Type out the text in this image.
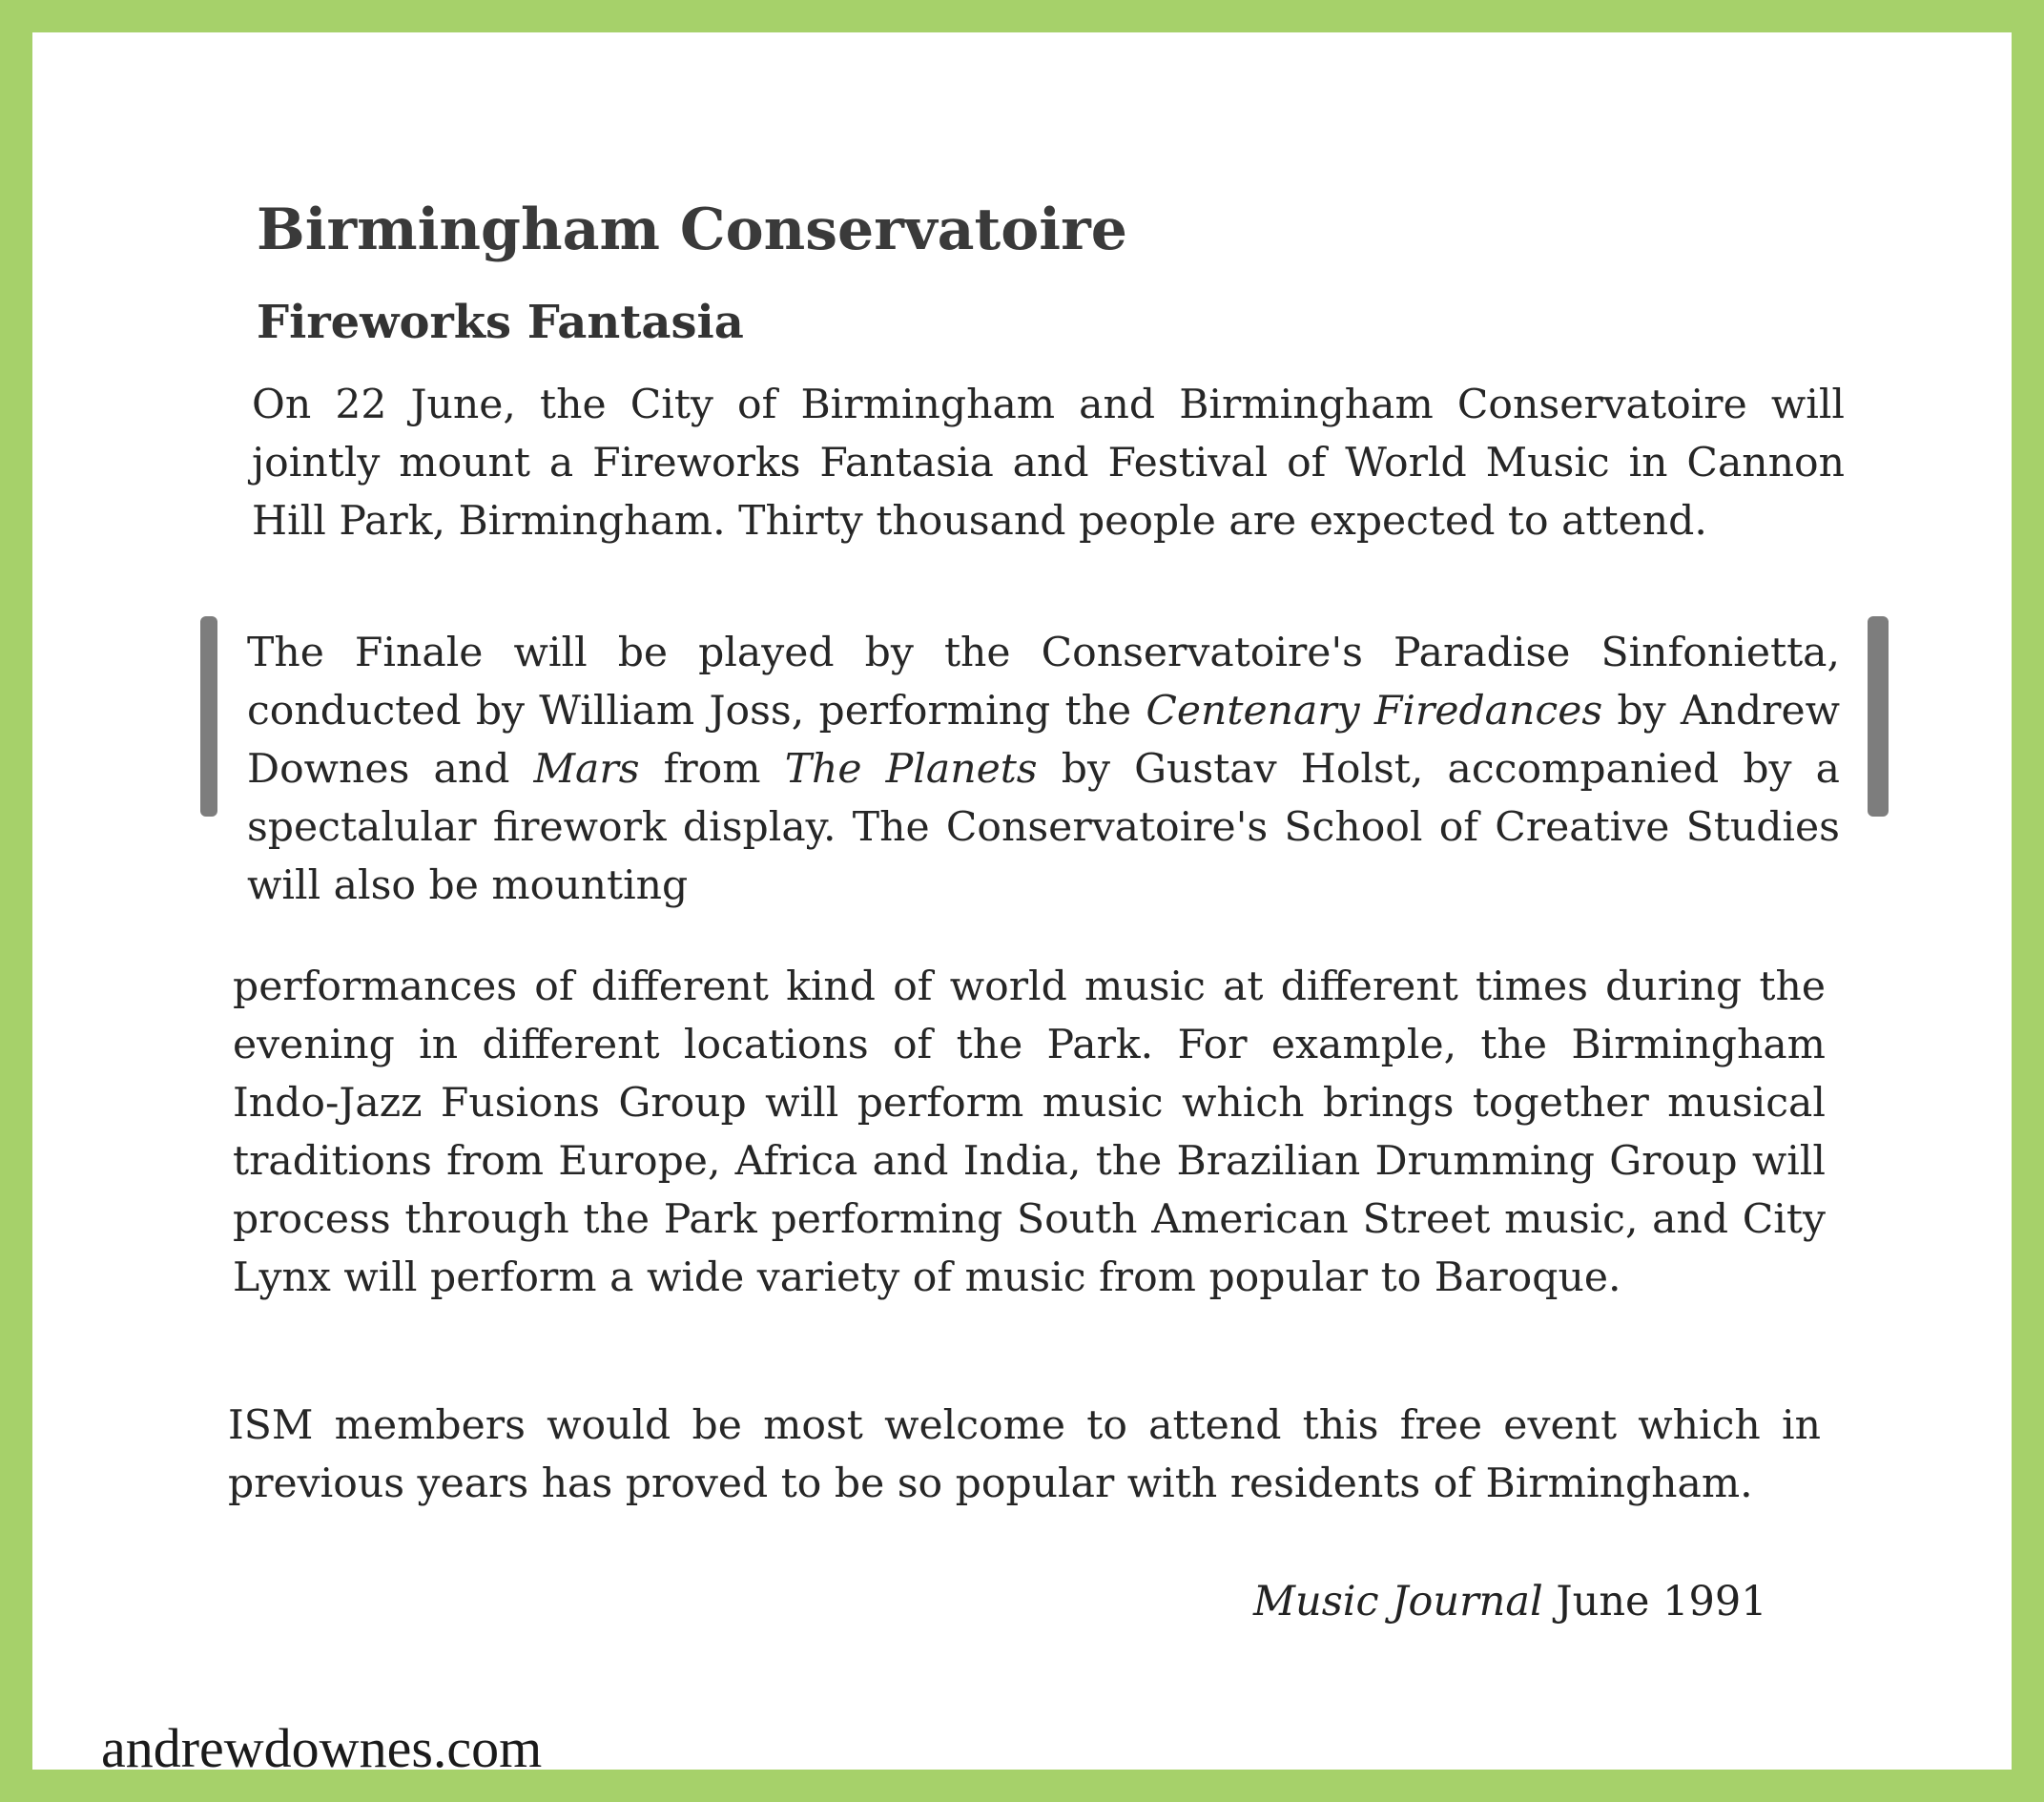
Birmingham Conservatoire
Fireworks Fantasia

On 22 June, the City of Birmingham and Birmingham Conservatoire will jointly mount a Fireworks Fantasia and Festival of World Music in Cannon Hill Park, Birmingham. Thirty thousand people are expected to attend.

The Finale will be played by the Conservatoire's Paradise Sinfonietta, conducted by William Joss, performing the Centenary Firedances by Andrew Downes and Mars from The Planets by Gustav Holst, accompanied by a spectalular firework display. The Conservatoire's School of Creative Studies will also be mounting

performances of different kind of world music at different times during the evening in different locations of the Park. For example, the Birmingham Indo-Jazz Fusions Group will perform music which brings together musical traditions from Europe, Africa and India, the Brazilian Drumming Group will process through the Park performing South American Street music, and City Lynx will perform a wide variety of music from popular to Baroque.

ISM members would be most welcome to attend this free event which in previous years has proved to be so popular with residents of Birmingham.

Music Journal June 1991
andrewdownes.com
